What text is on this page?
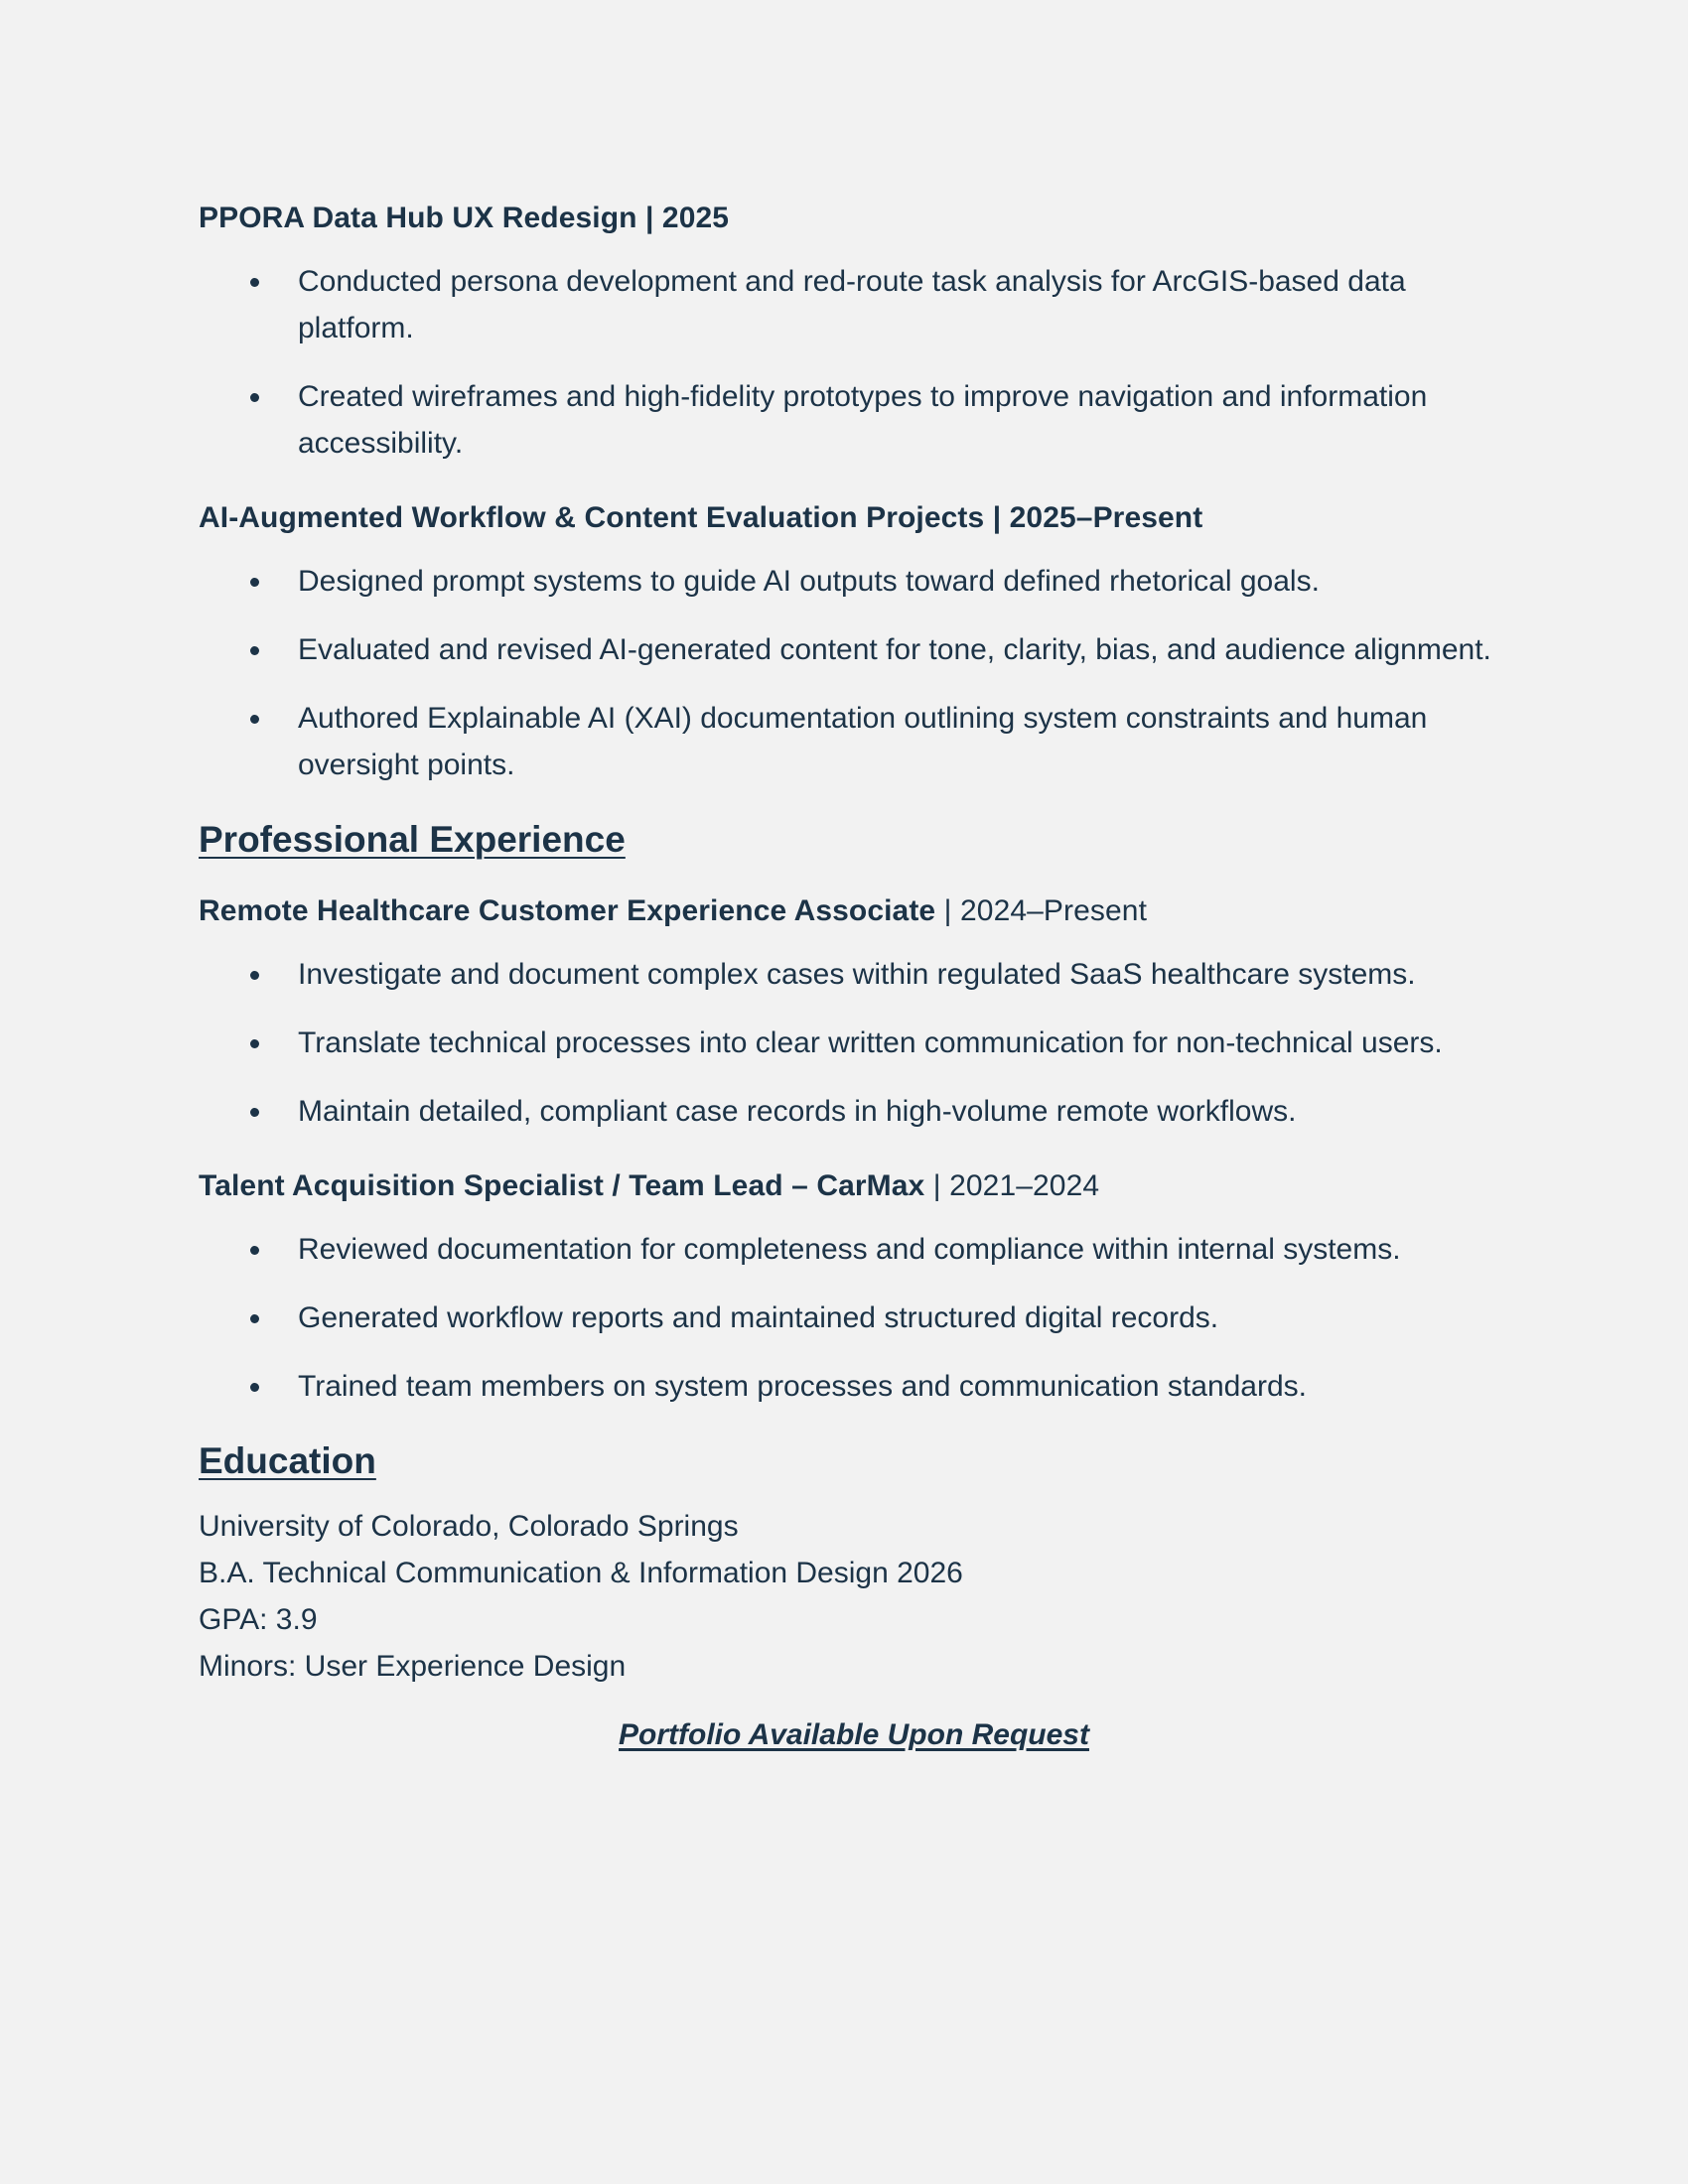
PPORA Data Hub UX Redesign | 2025

Conducted persona development and red-route task analysis for ArcGIS-based data platform.
Created wireframes and high-fidelity prototypes to improve navigation and information accessibility.

AI-Augmented Workflow & Content Evaluation Projects | 2025–Present

Designed prompt systems to guide AI outputs toward defined rhetorical goals.
Evaluated and revised AI-generated content for tone, clarity, bias, and audience alignment.
Authored Explainable AI (XAI) documentation outlining system constraints and human oversight points.
Professional Experience

Remote Healthcare Customer Experience Associate | 2024–Present

Investigate and document complex cases within regulated SaaS healthcare systems.
Translate technical processes into clear written communication for non-technical users.
Maintain detailed, compliant case records in high-volume remote workflows.

Talent Acquisition Specialist / Team Lead – CarMax | 2021–2024

Reviewed documentation for completeness and compliance within internal systems.
Generated workflow reports and maintained structured digital records.
Trained team members on system processes and communication standards.
Education

University of Colorado, Colorado Springs

B.A. Technical Communication & Information Design 2026

GPA: 3.9

Minors: User Experience Design

Portfolio Available Upon Request
